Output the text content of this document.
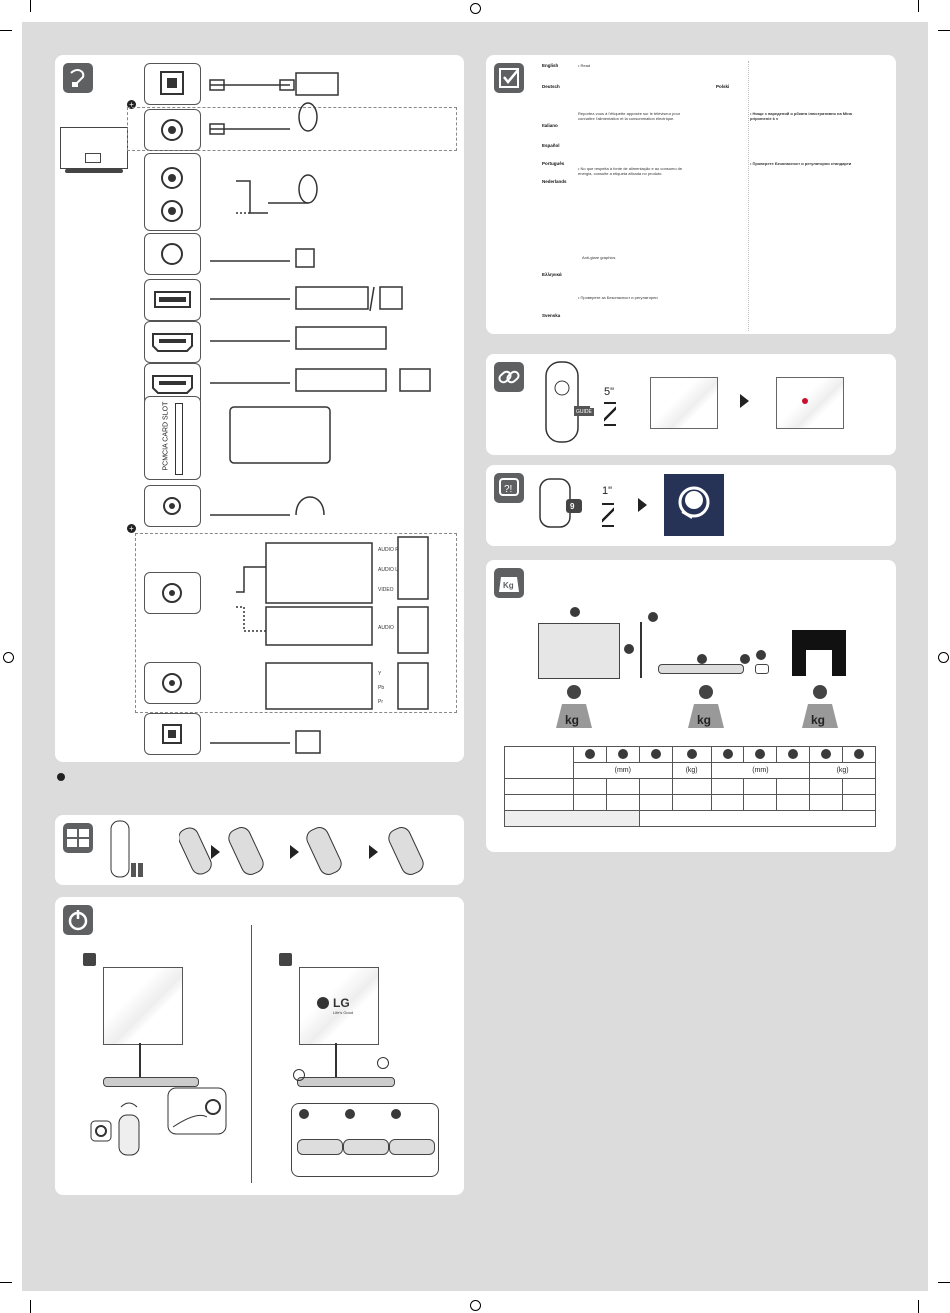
+
PCMCIA CARD SLOT
+
AUDIO R
AUDIO L
VIDEO
AUDIO
Y
Pb
Pr
English	• Read
Deutsch	Polski
Reportez-vous à l'étiquette apposée sur le téléviseur pour
connaître l'alimentation et la consommation électrique.
• Нищо з наредений о рбката ілюстративно на Міна
pripomenie k v
Italiano
Español
Português
• No que respeita à fonte de alimentação e ao consumo de
energia, consulte a etiqueta afixada no produto.
• Проверете Безопасност и регулаторни стандарти
Nederlands
Anti-glare graphics
Ελληνικά
• Проверете за Безопасност и регулаторни
Svenska
GUIDE
5"
?!
9
1"
Kg
kg	kg	kg

	(mm)			(kg)	(mm)			(kg)	

LG
Life's Good
